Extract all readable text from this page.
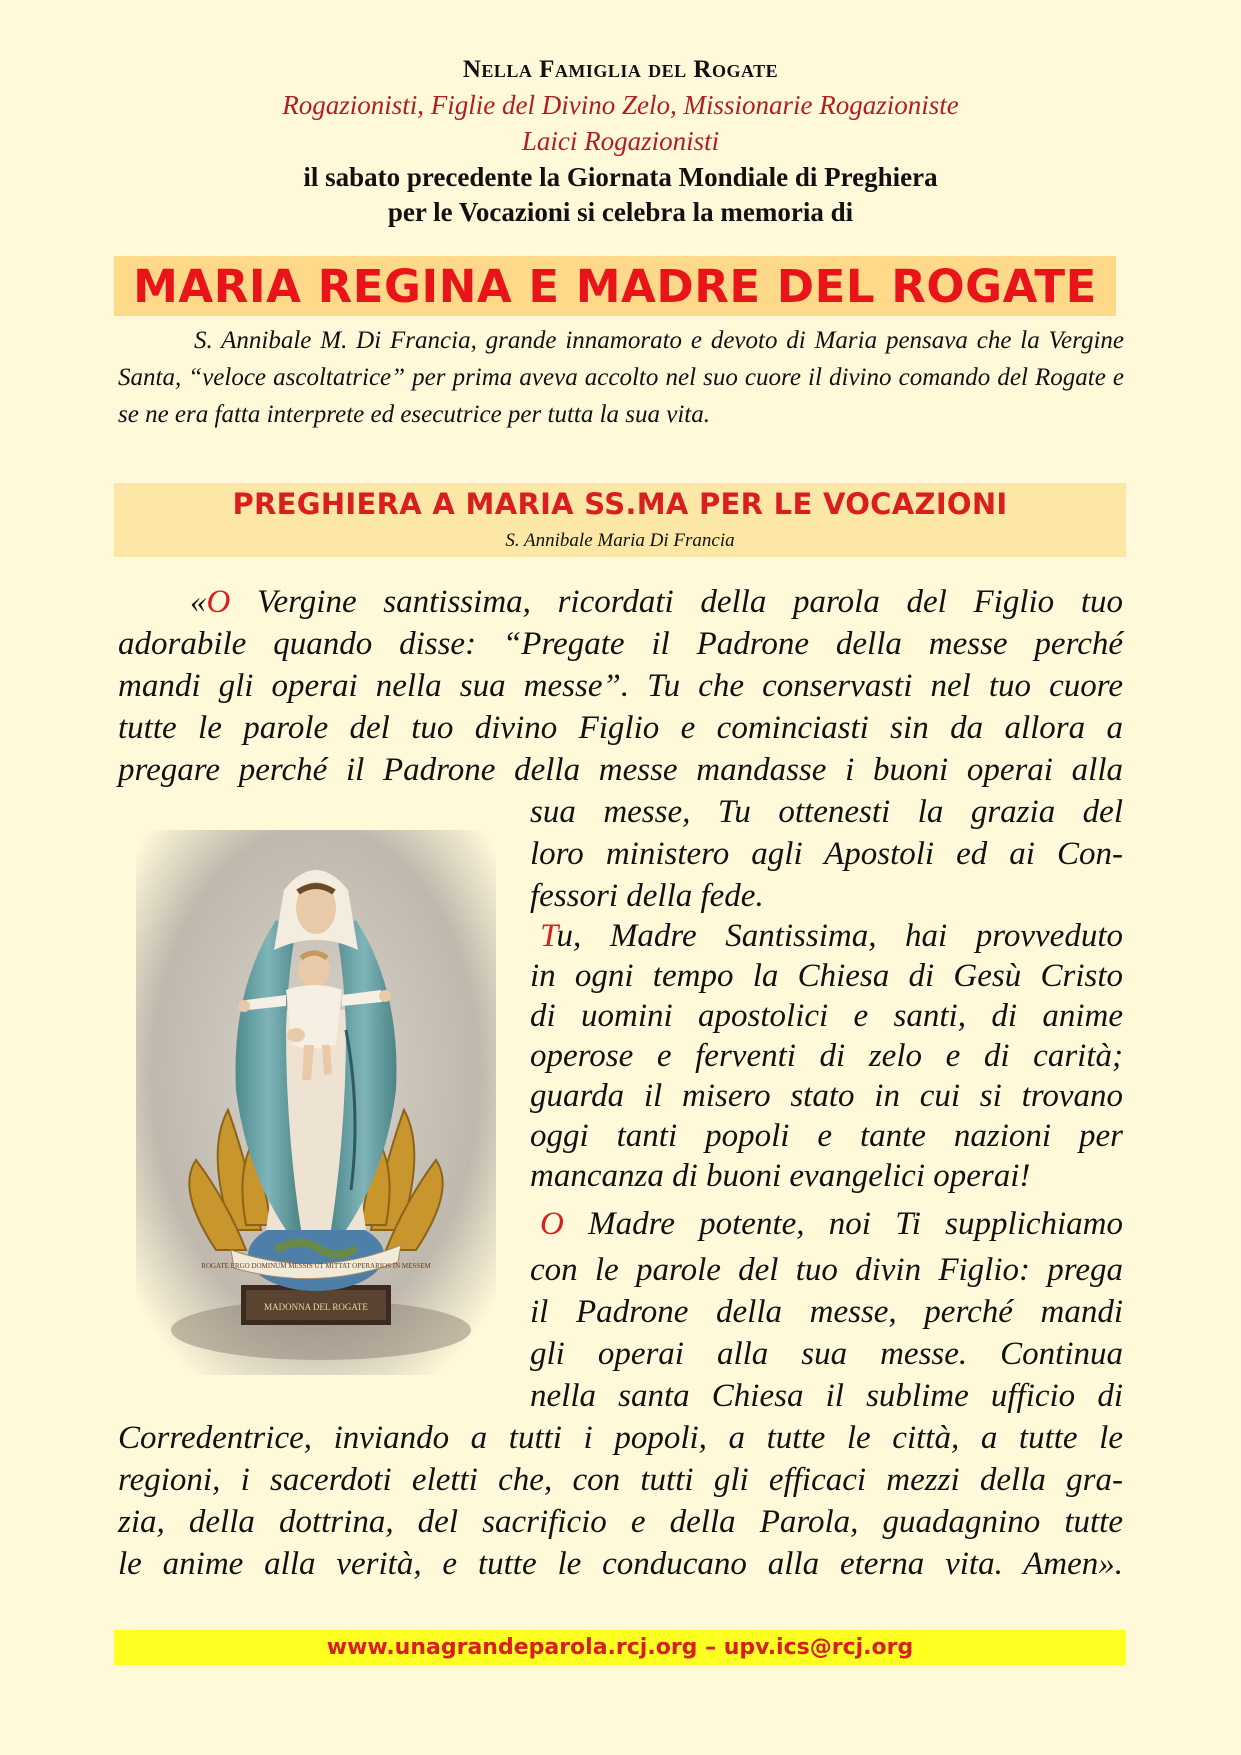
Nella Famiglia del Rogate
Rogazionisti, Figlie del Divino Zelo, Missionarie Rogazioniste
Laici Rogazionisti
il sabato precedente la Giornata Mondiale di Preghiera
per le Vocazioni si celebra la memoria di
MARIA REGINA E MADRE DEL ROGATE
S. Annibale M. Di Francia, grande innamorato e devoto di Maria pensava che la Vergine Santa, “veloce ascoltatrice” per prima aveva accolto nel suo cuore il divino comando del Rogate e se ne era fatta interprete ed esecutrice per tutta la sua vita.
PREGHIERA A MARIA SS.MA PER LE VOCAZIONI
S. Annibale Maria Di Francia
«O Vergine santissima, ricordati della parola del Figlio tuo
adorabile quando disse: “Pregate il Padrone della messe perché
mandi gli operai nella sua messe”. Tu che conservasti nel tuo cuore
tutte le parole del tuo divino Figlio e cominciasti sin da allora a
pregare perché il Padrone della messe mandasse i buoni operai alla
sua messe, Tu ottenesti la grazia del
loro ministero agli Apostoli ed ai Con-
fessori della fede.
Tu, Madre Santissima, hai provveduto
in ogni tempo la Chiesa di Gesù Cristo
di uomini apostolici e santi, di anime
operose e ferventi di zelo e di carità;
guarda il misero stato in cui si trovano
oggi tanti popoli e tante nazioni per
mancanza di buoni evangelici operai!
O Madre potente, noi Ti supplichiamo
con le parole del tuo divin Figlio: prega
il Padrone della messe, perché mandi
gli operai alla sua messe. Continua
nella santa Chiesa il sublime ufficio di
Corredentrice, inviando a tutti i popoli, a tutte le città, a tutte le
regioni, i sacerdoti eletti che, con tutti gli efficaci mezzi della gra-
zia, della dottrina, del sacrificio e della Parola, guadagnino tutte
le anime alla verità, e tutte le conducano alla eterna vita. Amen».
MADONNA DEL ROGATE
ROGATE ERGO DOMINUM MESSIS UT MITTAT OPERARIOS IN MESSEM
www.unagrandeparola.rcj.org – upv.ics@rcj.org
